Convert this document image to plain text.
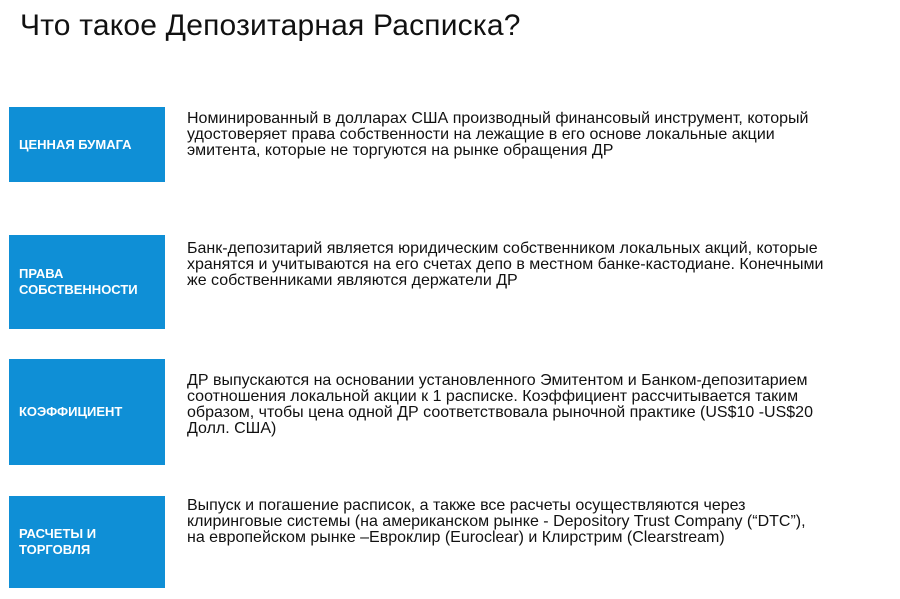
Что такое Депозитарная Расписка?
ЦЕННАЯ БУМАГА
Номинированный в долларах США производный финансовый инструмент, который
удостоверяет права собственности на лежащие в его основе локальные акции
эмитента, которые не торгуются на рынке обращения ДР
ПРАВА
СОБСТВЕННОСТИ
Банк-депозитарий является юридическим собственником локальных акций, которые
хранятся и учитываются на его счетах депо в местном банке-кастодиане. Конечными
же собственниками являются держатели ДР
КОЭФФИЦИЕНТ
ДР выпускаются на основании установленного Эмитентом и Банком-депозитарием
соотношения локальной акции к 1 расписке. Коэффициент рассчитывается таким
образом, чтобы цена одной ДР соответствовала рыночной практике (US$10 -US$20
Долл. США)
РАСЧЕТЫ И
ТОРГОВЛЯ
Выпуск и погашение расписок, а также все расчеты осуществляются через
клиринговые системы (на американском рынке - Depository Trust Company (“DTC”),
на европейском рынке –Евроклир (Euroclear) и Клирстрим (Clearstream)
